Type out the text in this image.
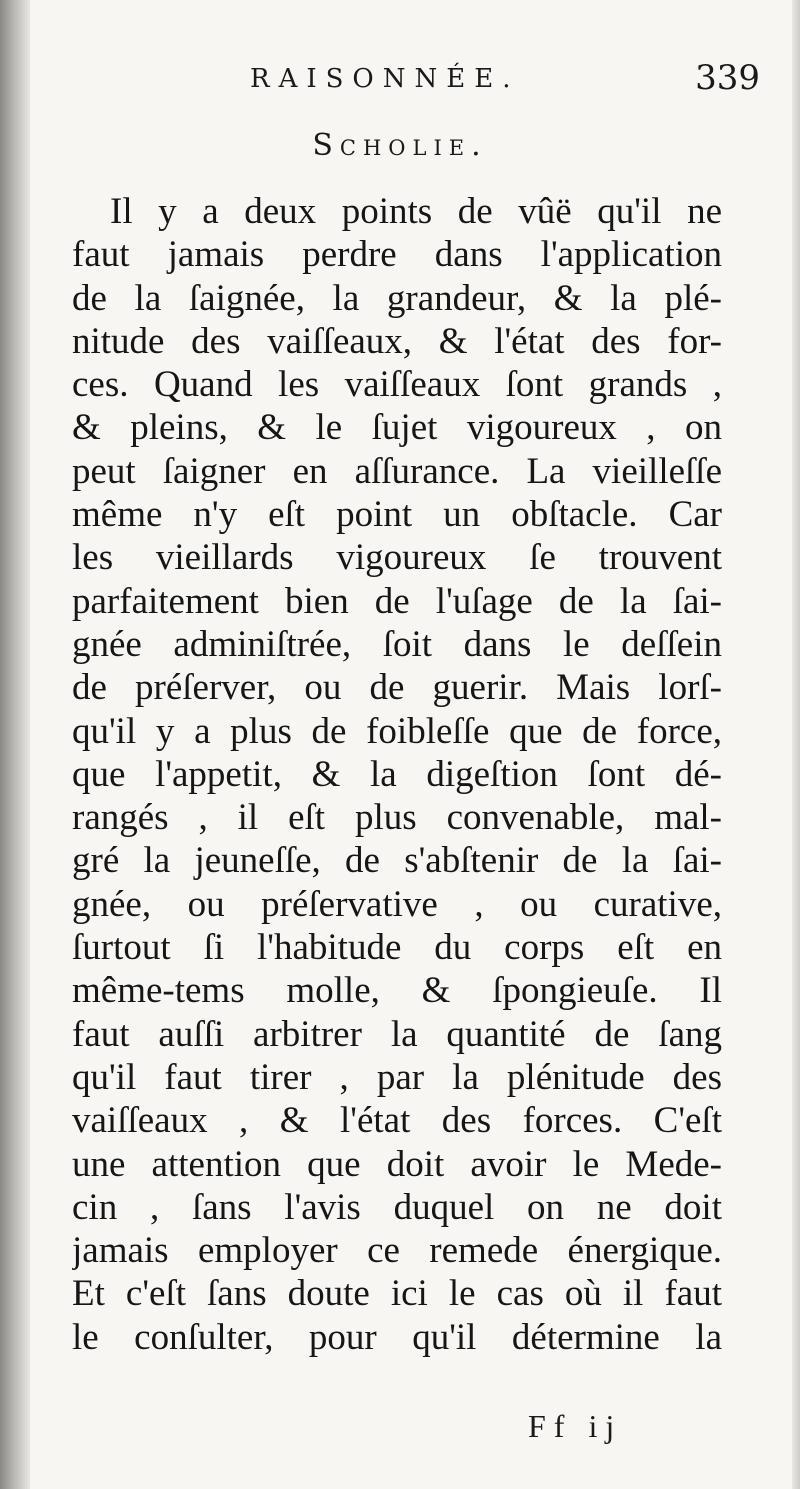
RAISONNÉE.	339
Scholie.
Il y a deux points de vûë qu'il ne
faut jamais perdre dans l'application
de la ſaignée, la grandeur, & la plé-
nitude des vaiſſeaux, & l'état des for-
ces. Quand les vaiſſeaux ſont grands ,
& pleins, & le ſujet vigoureux , on
peut ſaigner en aſſurance. La vieilleſſe
même n'y eſt point un obſtacle. Car
les vieillards vigoureux ſe trouvent
parfaitement bien de l'uſage de la ſai-
gnée adminiſtrée, ſoit dans le deſſein
de préſerver, ou de guerir. Mais lorſ-
qu'il y a plus de foibleſſe que de force,
que l'appetit, & la digeſtion ſont dé-
rangés , il eſt plus convenable, mal-
gré la jeuneſſe, de s'abſtenir de la ſai-
gnée, ou préſervative , ou curative,
ſurtout ſi l'habitude du corps eſt en
même-tems molle, & ſpongieuſe. Il
faut auſſi arbitrer la quantité de ſang
qu'il faut tirer , par la plénitude des
vaiſſeaux , & l'état des forces. C'eſt
une attention que doit avoir le Mede-
cin , ſans l'avis duquel on ne doit
jamais employer ce remede énergique.
Et c'eſt ſans doute ici le cas où il faut
le conſulter, pour qu'il détermine la
Ff ij
